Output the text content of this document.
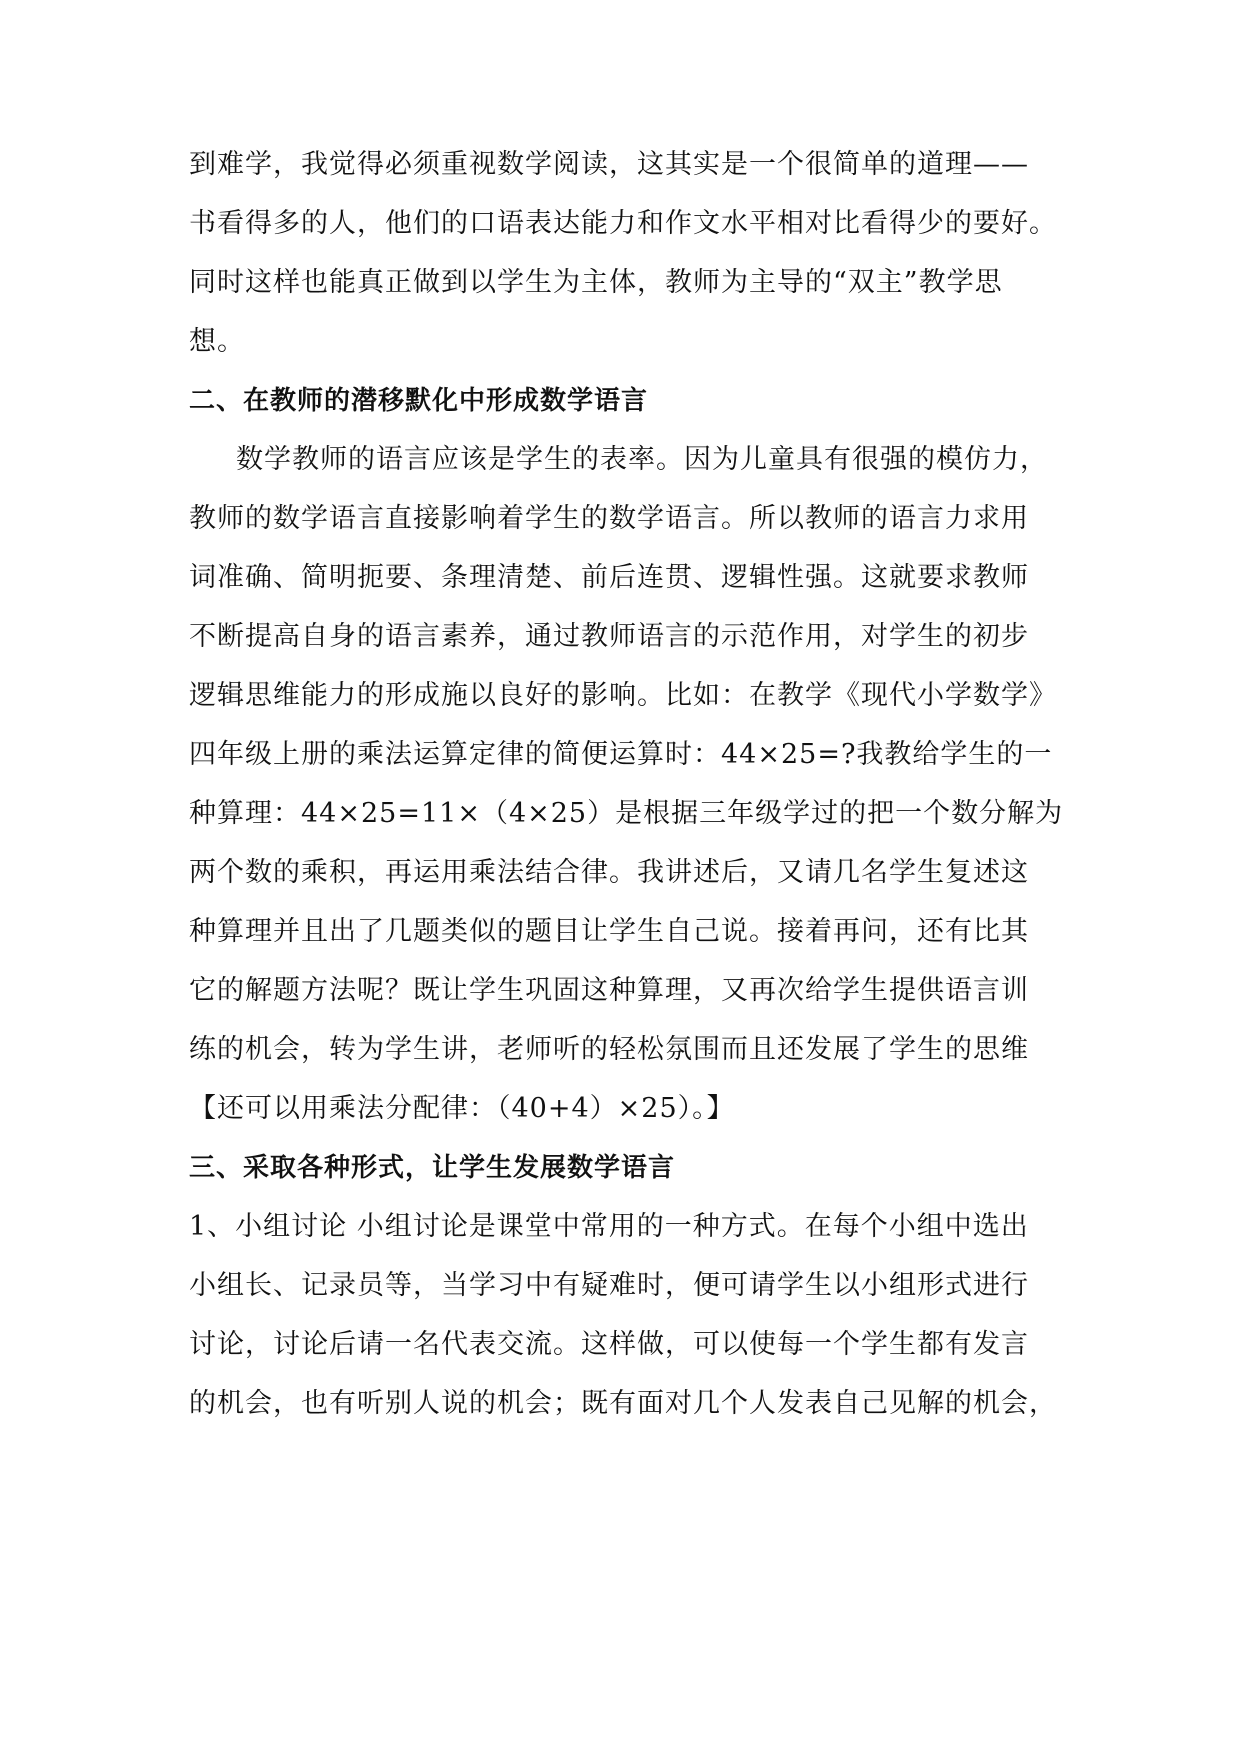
到难学，我觉得必须重视数学阅读，这其实是一个很简单的道理——
书看得多的人，他们的口语表达能力和作文水平相对比看得少的要好。
同时这样也能真正做到以学生为主体，教师为主导的“双主”教学思
想。
二、在教师的潜移默化中形成数学语言
数学教师的语言应该是学生的表率。因为儿童具有很强的模仿力，
教师的数学语言直接影响着学生的数学语言。所以教师的语言力求用
词准确、简明扼要、条理清楚、前后连贯、逻辑性强。这就要求教师
不断提高自身的语言素养，通过教师语言的示范作用，对学生的初步
逻辑思维能力的形成施以良好的影响。比如：在教学《现代小学数学》
四年级上册的乘法运算定律的简便运算时：44×25=?我教给学生的一
种算理：44×25=11×（4×25）是根据三年级学过的把一个数分解为
两个数的乘积，再运用乘法结合律。我讲述后，又请几名学生复述这
种算理并且出了几题类似的题目让学生自己说。接着再问，还有比其
它的解题方法呢？既让学生巩固这种算理，又再次给学生提供语言训
练的机会，转为学生讲，老师听的轻松氛围而且还发展了学生的思维
【还可以用乘法分配律：（40+4）×25）。】
三、采取各种形式，让学生发展数学语言
1、小组讨论 小组讨论是课堂中常用的一种方式。在每个小组中选出
小组长、记录员等，当学习中有疑难时，便可请学生以小组形式进行
讨论，讨论后请一名代表交流。这样做，可以使每一个学生都有发言
的机会，也有听别人说的机会；既有面对几个人发表自己见解的机会，
